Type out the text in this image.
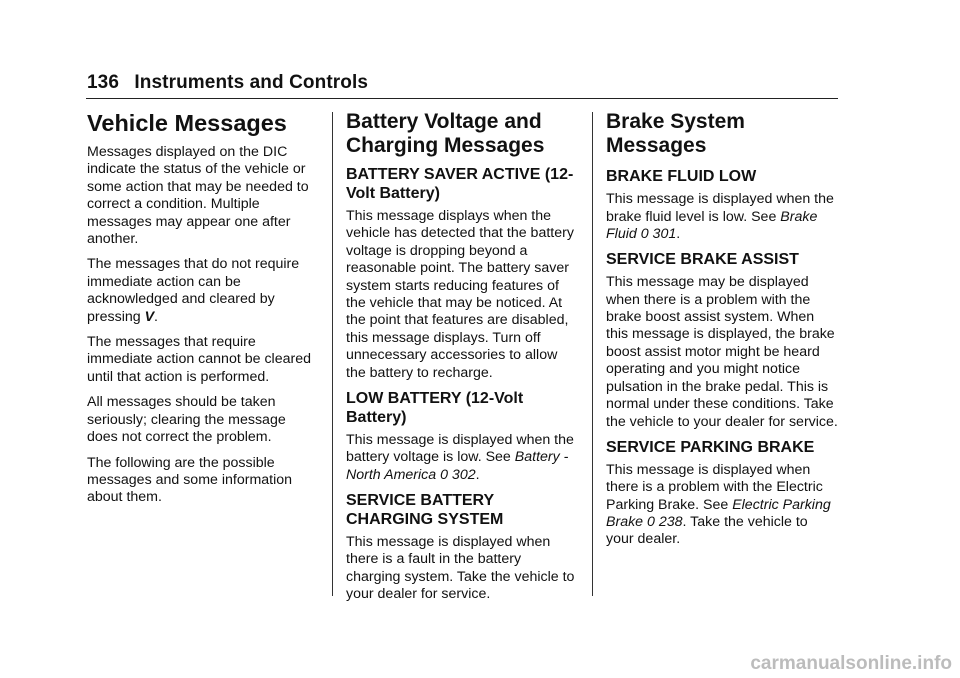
136 Instruments and Controls
Vehicle Messages

Messages displayed on the DIC indicate the status of the vehicle or some action that may be needed to correct a condition. Multiple messages may appear one after another.

The messages that do not require immediate action can be acknowledged and cleared by pressing V.

The messages that require immediate action cannot be cleared until that action is performed.

All messages should be taken seriously; clearing the message does not correct the problem.

The following are the possible messages and some information about them.

Battery Voltage and Charging Messages
BATTERY SAVER ACTIVE (12-Volt Battery)

This message displays when the vehicle has detected that the battery voltage is dropping beyond a reasonable point. The battery saver system starts reducing features of the vehicle that may be noticed. At the point that features are disabled, this message displays. Turn off unnecessary accessories to allow the battery to recharge.

LOW BATTERY (12-Volt Battery)

This message is displayed when the battery voltage is low. See Battery - North America 0 302.

SERVICE BATTERY CHARGING SYSTEM

This message is displayed when there is a fault in the battery charging system. Take the vehicle to your dealer for service.

Brake System Messages
BRAKE FLUID LOW

This message is displayed when the brake fluid level is low. See Brake Fluid 0 301.

SERVICE BRAKE ASSIST

This message may be displayed when there is a problem with the brake boost assist system. When this message is displayed, the brake boost assist motor might be heard operating and you might notice pulsation in the brake pedal. This is normal under these conditions. Take the vehicle to your dealer for service.

SERVICE PARKING BRAKE

This message is displayed when there is a problem with the Electric Parking Brake. See Electric Parking Brake 0 238. Take the vehicle to your dealer.

carmanualsonline.info
